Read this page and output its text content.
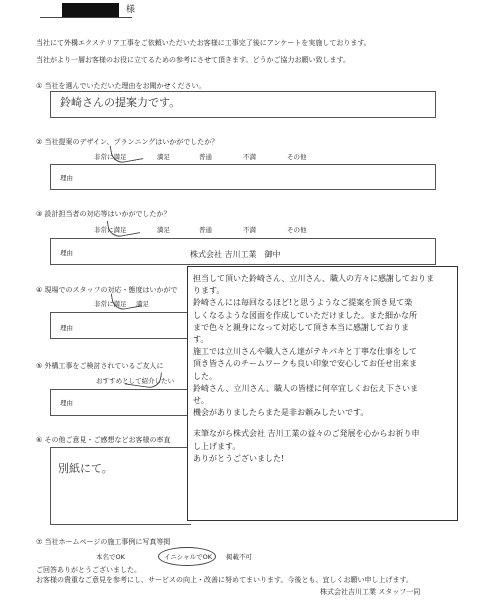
様
当社にて外構エクステリア工事をご依頼いただいたお客様に工事完了後にアンケートを実施しております。
当社がより一層お客様のお役に立てるための参考にさせて頂きます。どうかご協力お願い致します。
① 当社を選んでいただいた理由をお聞かせください。
鈴崎さんの提案力です。
② 当社提案のデザイン、プランニングはいかがでしたか？
非常に満足	満足	普通	不満	その他
理由
③ 設計担当者の対応等はいかがでしたか？
非常に満足	満足	普通	不満	その他
理由
④ 現場でのスタッフの対応・態度はいかがで
非常に満足	満足
理由
⑤ 外構工事をご検討されているご友人に
おすすめとして紹介したい
理由
⑥ その他ご意見・ご感想などお客様の率直
別紙にて。
⑦ 当社ホームページの施工事例に写真等掲
本名でOK	イニシャルでOK	掲載不可
ご回答ありがとうございました。
お客様の貴重なご意見を参考にし、サービスの向上・改善に努めてまいります。今後とも、宜しくお願い申し上げます。
株式会社吉川工業 スタッフ一同
株式会社 吉川工業　御中

担当して頂いた鈴崎さん、立川さん、職人の方々に感謝しておりま

ります。

鈴崎さんには毎回なるほど!と思うようなご提案を頂き見て楽

しくなるような図面を作成していただけました。また細かな所

まで色々と親身になって対応して頂き本当に感謝しておりま

す。

施工では立川さんや職人さん達がテキパキと丁寧な仕事をして

頂き皆さんのチームワークも良い印象で安心してお任せ出来ま

した。

鈴崎さん、立川さん、職人の皆様に何卒宜しくお伝え下さいま

せ。

機会がありましたらまた是非お頼みしたいです。

末筆ながら株式会社 吉川工業の益々のご発展を心からお祈り申

し上げます。

ありがとうございました!
